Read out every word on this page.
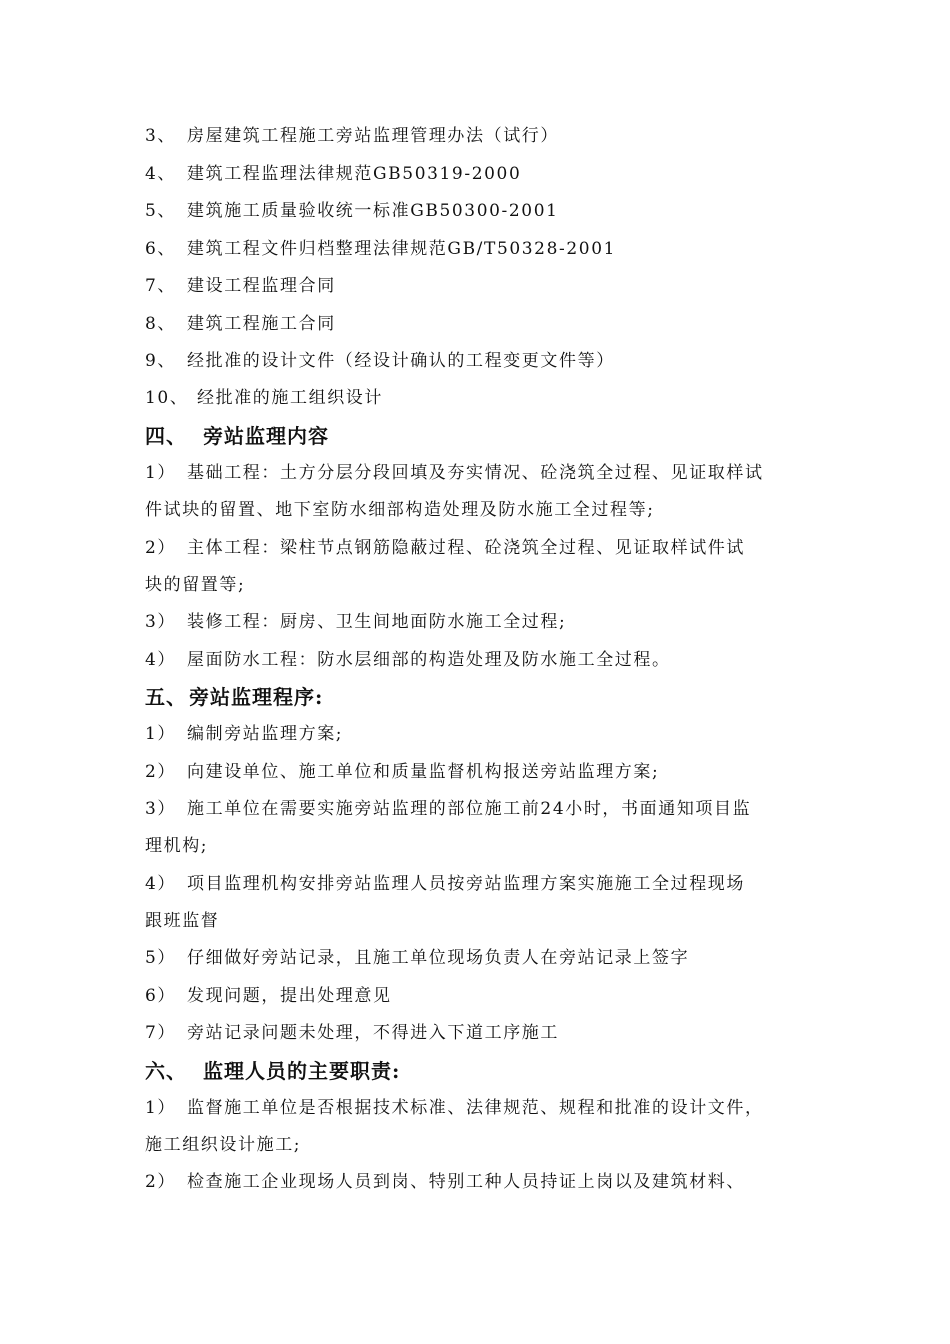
3、 房屋建筑工程施工旁站监理管理办法（试行）
4、 建筑工程监理法律规范GB50319-2000
5、 建筑施工质量验收统一标准GB50300-2001
6、 建筑工程文件归档整理法律规范GB/T50328-2001
7、 建设工程监理合同
8、 建筑工程施工合同
9、 经批准的设计文件（经设计确认的工程变更文件等）
10、 经批准的施工组织设计
四、 旁站监理内容
1） 基础工程：土方分层分段回填及夯实情况、砼浇筑全过程、见证取样试
件试块的留置、地下室防水细部构造处理及防水施工全过程等;
2） 主体工程：梁柱节点钢筋隐蔽过程、砼浇筑全过程、见证取样试件试
块的留置等;
3） 装修工程：厨房、卫生间地面防水施工全过程;
4） 屋面防水工程：防水层细部的构造处理及防水施工全过程。
五、 旁站监理程序:
1） 编制旁站监理方案;
2） 向建设单位、施工单位和质量监督机构报送旁站监理方案;
3） 施工单位在需要实施旁站监理的部位施工前24小时，书面通知项目监
理机构;
4） 项目监理机构安排旁站监理人员按旁站监理方案实施施工全过程现场
跟班监督
5） 仔细做好旁站记录，且施工单位现场负责人在旁站记录上签字
6） 发现问题，提出处理意见
7） 旁站记录问题未处理，不得进入下道工序施工
六、 监理人员的主要职责:
1） 监督施工单位是否根据技术标准、法律规范、规程和批准的设计文件，
施工组织设计施工;
2） 检查施工企业现场人员到岗、特别工种人员持证上岗以及建筑材料、
